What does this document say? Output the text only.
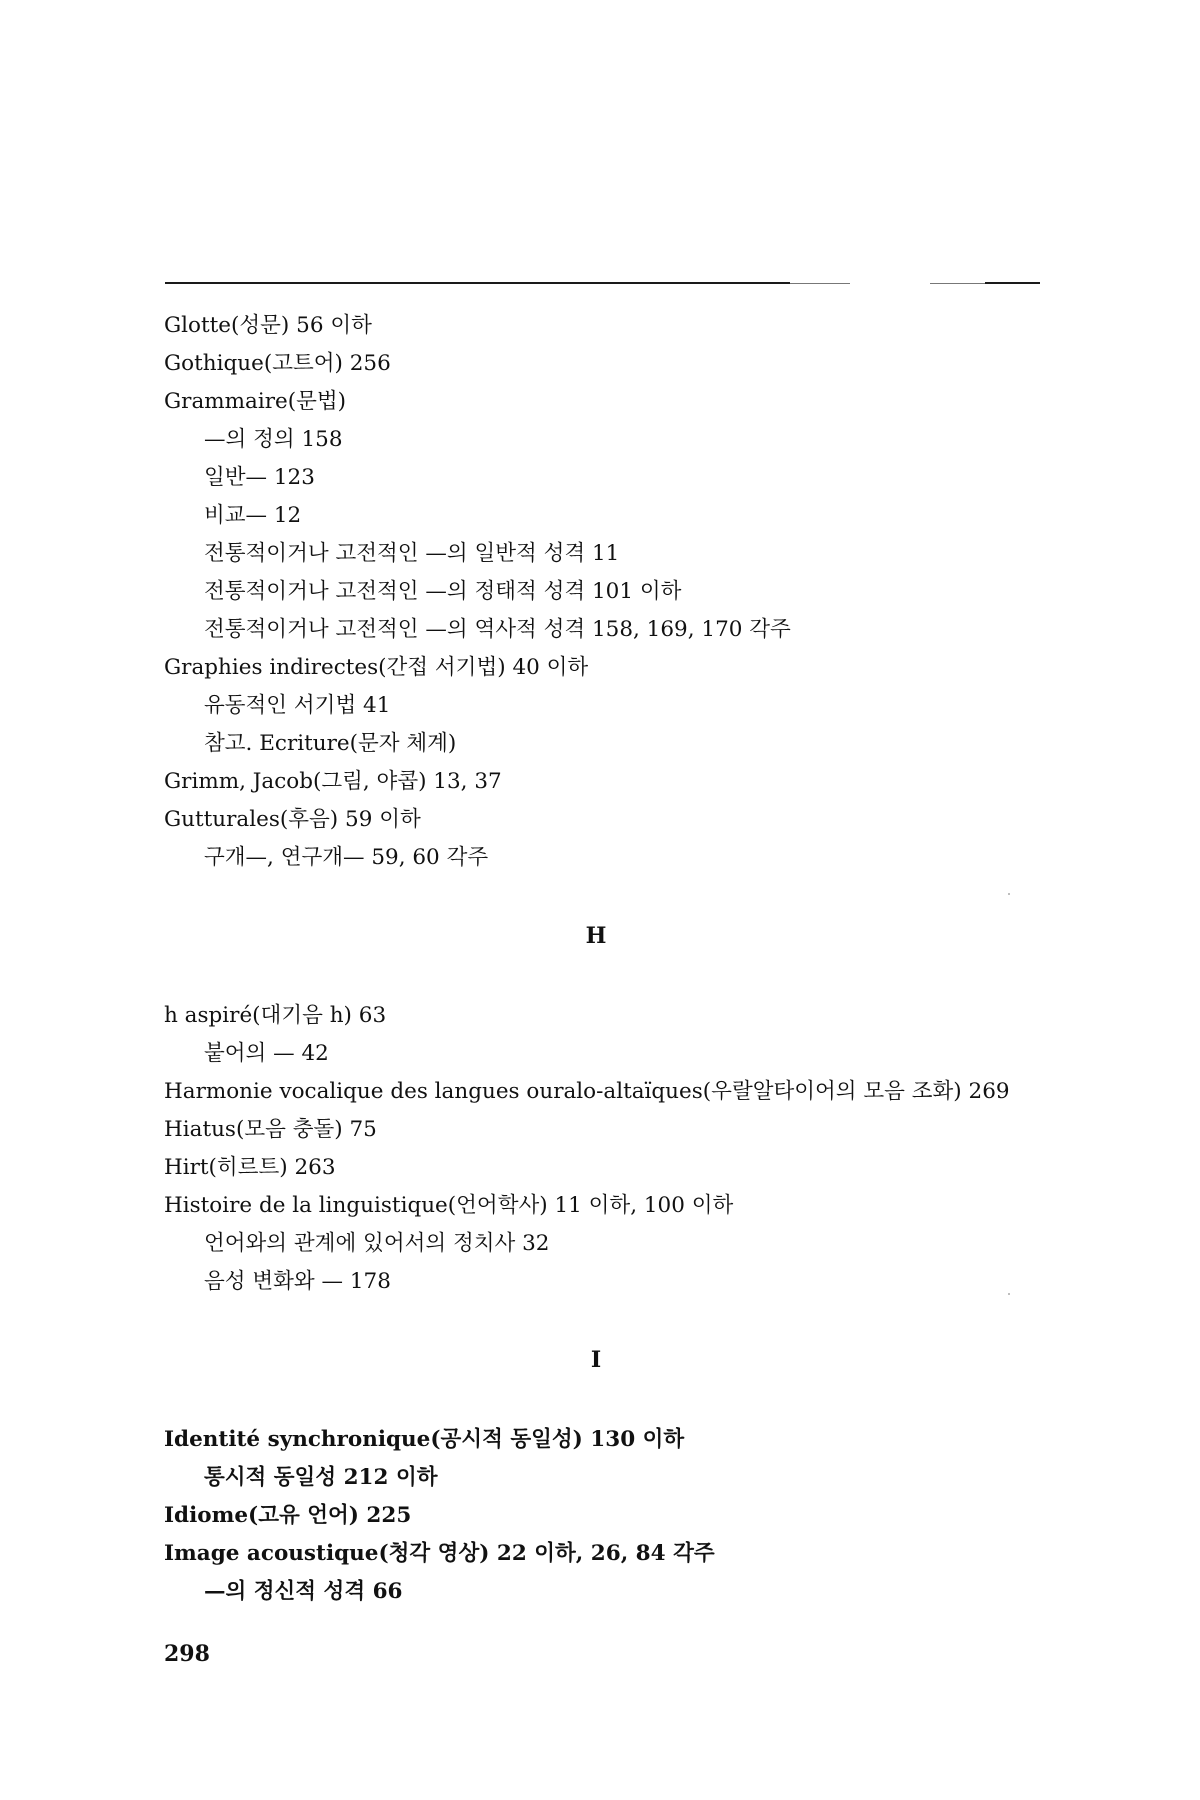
Glotte(성문) 56 이하
Gothique(고트어) 256
Grammaire(문법)
—의 정의 158
일반— 123
비교— 12
전통적이거나 고전적인 —의 일반적 성격 11
전통적이거나 고전적인 —의 정태적 성격 101 이하
전통적이거나 고전적인 —의 역사적 성격 158, 169, 170 각주
Graphies indirectes(간접 서기법) 40 이하
유동적인 서기법 41
참고. Ecriture(문자 체계)
Grimm, Jacob(그림, 야콥) 13, 37
Gutturales(후음) 59 이하
구개—, 연구개— 59, 60 각주
H
h aspiré(대기음 h) 63
붙어의 — 42
Harmonie vocalique des langues ouralo-altaïques(우랄알타이어의 모음 조화) 269
Hiatus(모음 충돌) 75
Hirt(히르트) 263
Histoire de la linguistique(언어학사) 11 이하, 100 이하
언어와의 관계에 있어서의 정치사 32
음성 변화와 — 178
I
Identité synchronique(공시적 동일성) 130 이하
통시적 동일성 212 이하
Idiome(고유 언어) 225
Image acoustique(청각 영상) 22 이하, 26, 84 각주
—의 정신적 성격 66
298
